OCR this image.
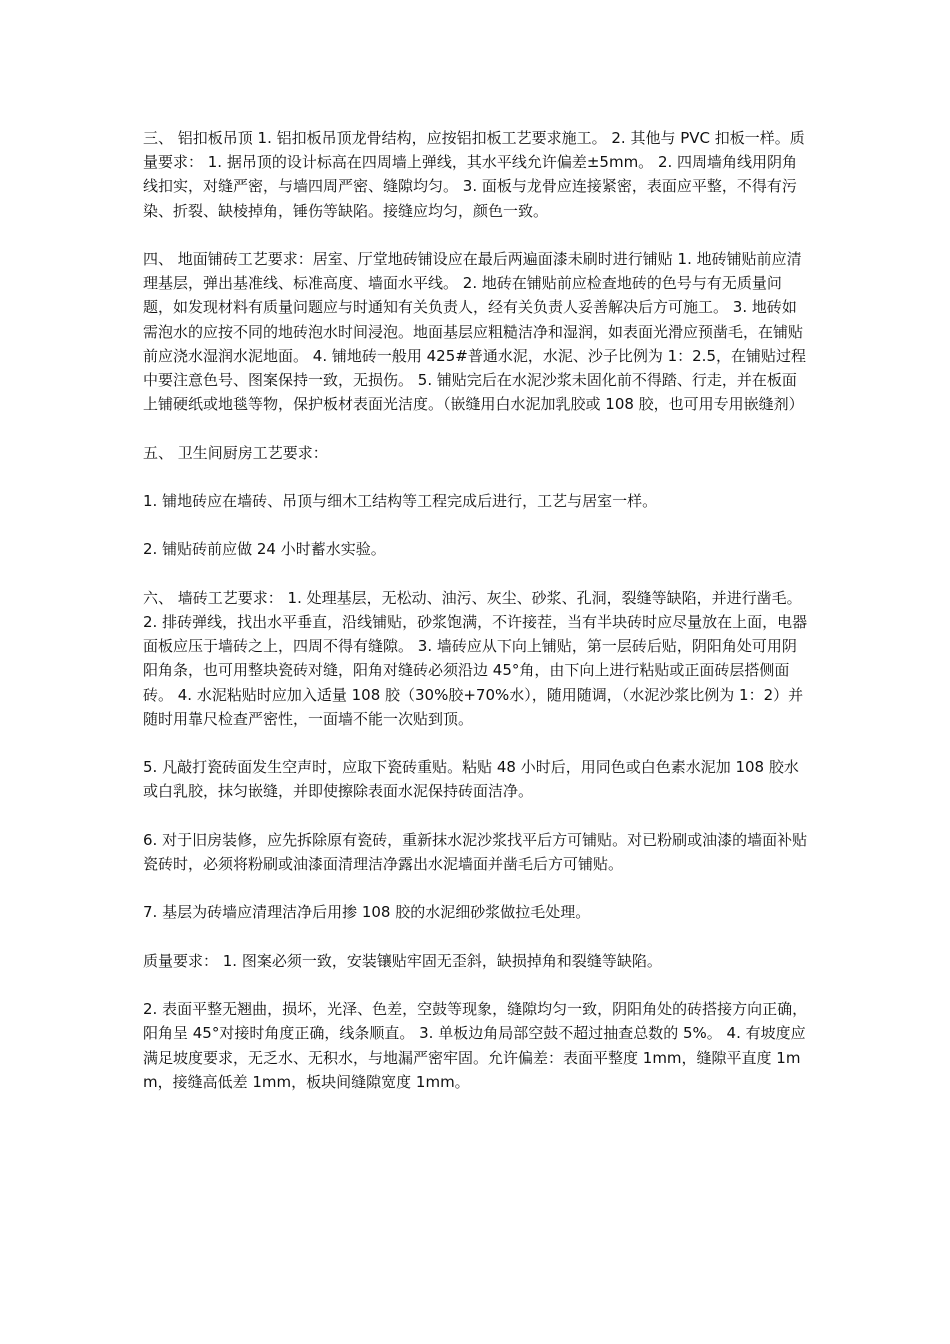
三、 铝扣板吊顶 1. 铝扣板吊顶龙骨结构，应按铝扣板工艺要求施工。 2. 其他与 PVC 扣板一样。质量要求： 1. 据吊顶的设计标高在四周墙上弹线，其水平线允许偏差±5mm。 2. 四周墙角线用阴角线扣实，对缝严密，与墙四周严密、缝隙均匀。 3. 面板与龙骨应连接紧密，表面应平整，不得有污染、折裂、缺棱掉角，锤伤等缺陷。接缝应均匀，颜色一致。

四、 地面铺砖工艺要求：居室、厅堂地砖铺设应在最后两遍面漆未刷时进行铺贴 1. 地砖铺贴前应清理基层，弹出基准线、标准高度、墙面水平线。 2. 地砖在铺贴前应检查地砖的色号与有无质量问题，如发现材料有质量问题应与时通知有关负责人，经有关负责人妥善解决后方可施工。 3. 地砖如需泡水的应按不同的地砖泡水时间浸泡。地面基层应粗糙洁净和湿润，如表面光滑应预凿毛，在铺贴前应浇水湿润水泥地面。 4. 铺地砖一般用 425#普通水泥，水泥、沙子比例为 1：2.5，在铺贴过程中要注意色号、图案保持一致，无损伤。 5. 铺贴完后在水泥沙浆未固化前不得踏、行走，并在板面上铺硬纸或地毯等物，保护板材表面光洁度。（嵌缝用白水泥加乳胶或 108 胶，也可用专用嵌缝剂）

五、 卫生间厨房工艺要求：

1. 铺地砖应在墙砖、吊顶与细木工结构等工程完成后进行，工艺与居室一样。

2. 铺贴砖前应做 24 小时蓄水实验。

六、 墙砖工艺要求： 1. 处理基层，无松动、油污、灰尘、砂浆、孔洞，裂缝等缺陷，并进行凿毛。2. 排砖弹线，找出水平垂直，沿线铺贴，砂浆饱满，不许接茬，当有半块砖时应尽量放在上面，电器面板应压于墙砖之上，四周不得有缝隙。 3. 墙砖应从下向上铺贴，第一层砖后贴，阴阳角处可用阴阳角条，也可用整块瓷砖对缝，阳角对缝砖必须沿边 45°角，由下向上进行粘贴或正面砖层搭侧面砖。 4. 水泥粘贴时应加入适量 108 胶（30%胶+70%水），随用随调，（水泥沙浆比例为 1：2）并随时用靠尺检查严密性，一面墙不能一次贴到顶。

5. 凡敲打瓷砖面发生空声时，应取下瓷砖重贴。粘贴 48 小时后，用同色或白色素水泥加 108 胶水或白乳胶，抹匀嵌缝，并即使擦除表面水泥保持砖面洁净。

6. 对于旧房装修，应先拆除原有瓷砖，重新抹水泥沙浆找平后方可铺贴。对已粉刷或油漆的墙面补贴瓷砖时，必须将粉刷或油漆面清理洁净露出水泥墙面并凿毛后方可铺贴。

7. 基层为砖墙应清理洁净后用掺 108 胶的水泥细砂浆做拉毛处理。

质量要求： 1. 图案必须一致，安装镶贴牢固无歪斜，缺损掉角和裂缝等缺陷。

2. 表面平整无翘曲，损坏，光泽、色差，空鼓等现象，缝隙均匀一致，阴阳角处的砖搭接方向正确，阳角呈 45°对接时角度正确，线条顺直。 3. 单板边角局部空鼓不超过抽查总数的 5%。 4. 有坡度应满足坡度要求，无乏水、无积水，与地漏严密牢固。允许偏差：表面平整度 1mm，缝隙平直度 1mm，接缝高低差 1mm，板块间缝隙宽度 1mm。
